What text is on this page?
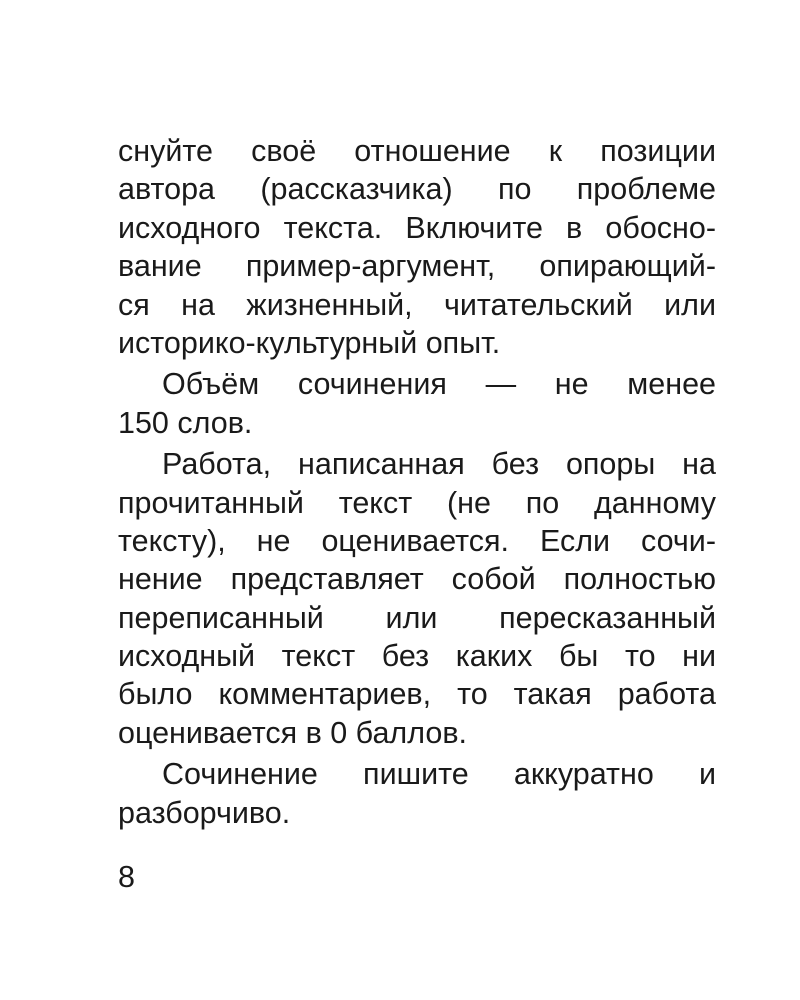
снуйте своё отношение к позиции
автора (рассказчика) по проблеме
исходного текста. Включите в обосно-
вание пример-аргумент, опирающий-
ся на жизненный, читательский или
историко-культурный опыт.
Объём сочинения — не менее
150 слов.
Работа, написанная без опоры на
прочитанный текст (не по данному
тексту), не оценивается. Если сочи-
нение представляет собой полностью
переписанный или пересказанный
исходный текст без каких бы то ни
было комментариев, то такая работа
оценивается в 0 баллов.
Сочинение пишите аккуратно и
разборчиво.
8
